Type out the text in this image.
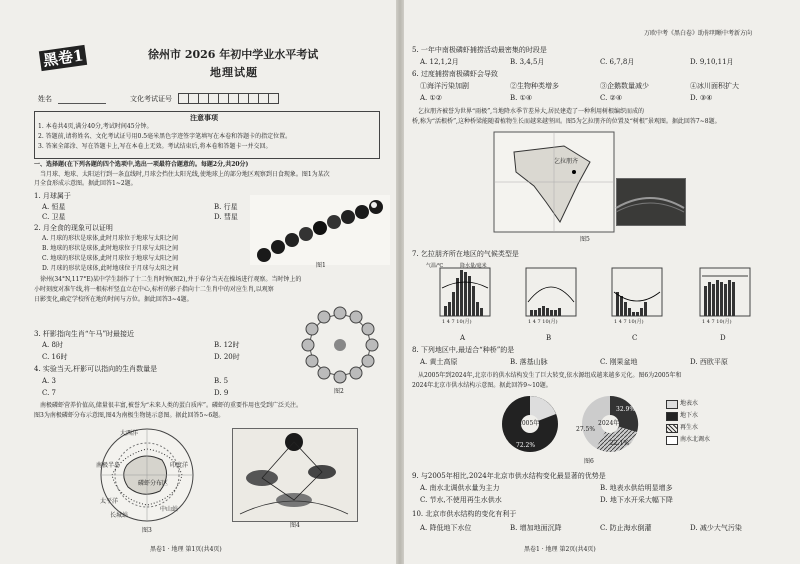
黑卷1	徐州市 2026 年初中学业水平考试
地理试题
姓名	文化考试证号
注意事项
1. 本卷共4页,满分40分,考试时间45分钟。
2. 答题前,请将姓名、文化考试证号用0.5毫米黑色字迹签字笔填写在本卷和答题卡的指定位置。
3. 答案全部涂、写在答题卡上,写在本卷上无效。考试结束后,将本卷和答题卡一并交回。
一、选择题(在下列各题的四个选项中,选出一项最符合题意的。每题2分,共20分)
当月球、地球、太阳运行到一条直线时,月球会挡住太阳光线,使地球上的部分地区观察到日食现象。图1为某次
月全食形成示意图。据此回答1~2题。
1. 月球属于
A. 恒星	B. 行星
C. 卫星	D. 彗星
2. 月全食的现象可以证明
A. 月球的形状是球体,此时月球位于地球与太阳之间
B. 地球的形状是球体,此时地球位于月球与太阳之间
C. 地球的形状是球体,此时月球位于地球与太阳之间
D. 月球的形状是球体,此时地球位于月球与太阳之间	图1
徐州(34°N,117°E)某中学生制作了十二生肖时钟(图2),并于春分当天在操场进行观察。当时钟上的
小时刻度对准午线,将一根标杆竖直立在中心,标杆的影子指向十二生肖中的对应生肖,以观察
日影变化,确定学校所在地的时间与方位。据此回答3~4题。
图2
3. 杆影指向生肖“午马”时最接近
A. 8时	B. 12时
C. 16时	D. 20时
4. 实验当天,杆影可以指向的生肖数量是
A. 3	B. 5
C. 7	D. 9
南极磷虾营养价值高,储量很丰富,被誉为“未来人类的蛋白质库”。磷虾的重要作用也受到广泛关注。
图3为南极磷虾分布示意图,图4为南极生物链示意图。据此回答5~6题。
大西洋
印度洋
太平洋
南极半岛
磷虾分布区
中山站
长城站
图3
图4
黑卷1 · 地理 第1页(共4页)
万欧中考《黑白卷》助你明晰中考新方向
5. 一年中南极磷虾捕捞活动最密集的时段是
A. 12,1,2月	B. 3,4,5月	C. 6,7,8月	D. 9,10,11月
6. 过度捕捞南极磷虾会导致
①海洋污染加剧	②生物种类增多	③企鹅数量减少	④冰川面积扩大
A. ①②	B. ①④	C. ②④	D. ③④
乞拉朋齐被誉为世界“雨极”,当地降水季节差异大,居民建造了一种利用树根编织而成的
桥,称为“活根桥”,这种桥梁能随着植物生长而越来越坚固。图5为乞拉朋齐的位置及“树根”景观图。据此回答7~8题。
乞拉朋齐
图5
7. 乞拉朋齐所在地区的气候类型是
1 4 7 10(月)	1 4 7 10(月)	1 4 7 10(月)	1 4 7 10(月)
气温/℃	降水量/毫米
A	B	C	D
8. 下列地区中,最适合“种桥”的是
A. 黄土高原	B. 落基山脉	C. 刚果盆地	D. 西欧平原
从2005年到2024年,北京市的供水结构发生了巨大转变,依水源组成越来越多元化。图6为2005年和
2024年北京市供水结构示意图。据此回答9~10题。
2005年	2024年
72.2%
27.5%
32.9%
22.1%
地表水
地下水
再生水
南水北调水
图6
9. 与2005年相比,2024年北京市供水结构变化最显著的优势是
A. 南水北调供水量为主力	B. 地表水供给明显增多
C. 节水,不使用再生水供水	D. 地下水开采大幅下降
10. 北京市供水结构的变化有利于
A. 降低地下水位	B. 增加地面沉降	C. 防止海水倒灌	D. 减少大气污染
黑卷1 · 地理 第2页(共4页)
